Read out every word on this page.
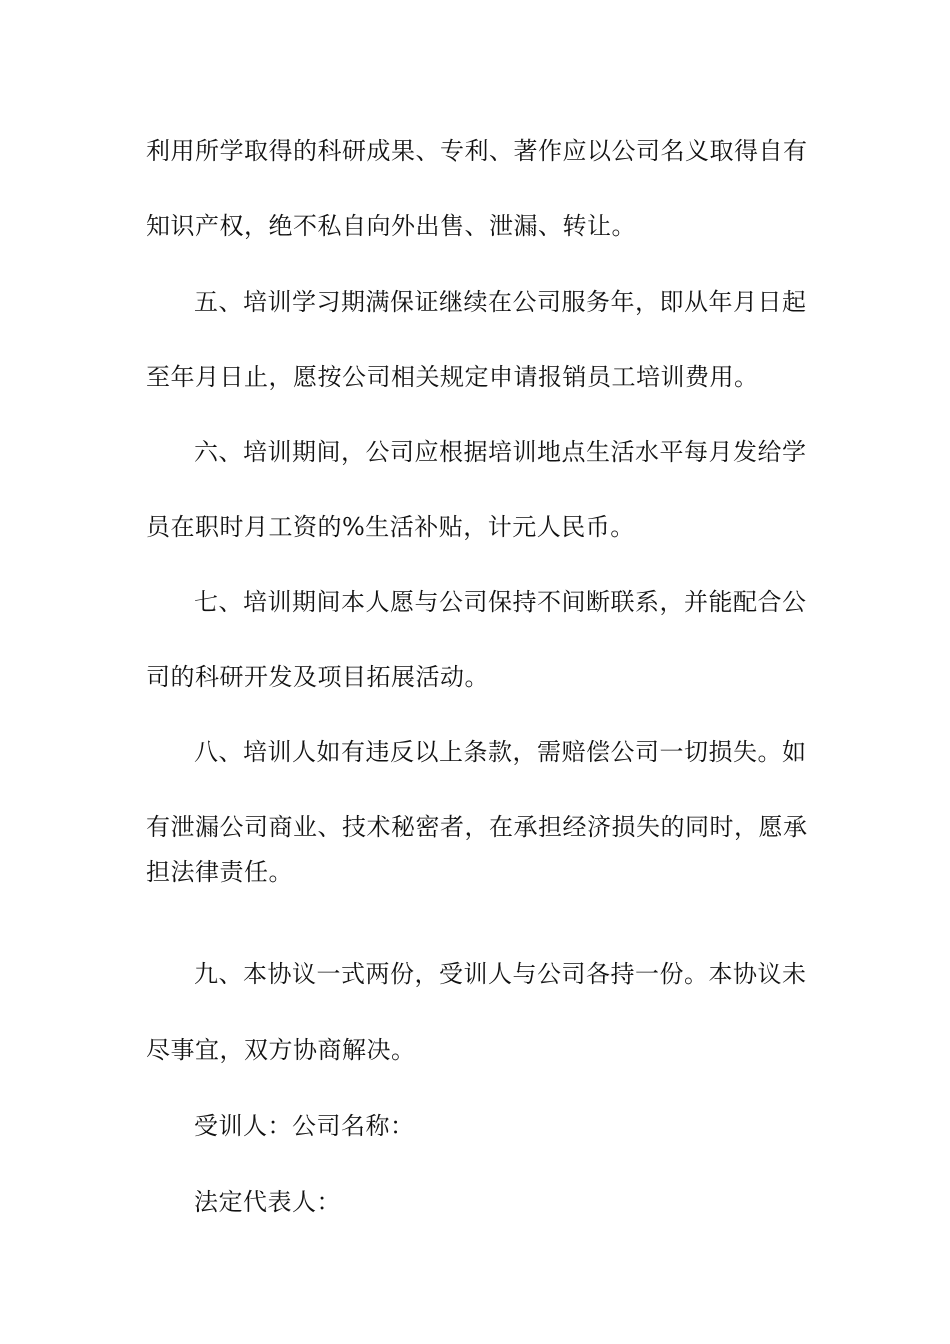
利用所学取得的科研成果、专利、著作应以公司名义取得自有
知识产权，绝不私自向外出售、泄漏、转让。
五、培训学习期满保证继续在公司服务年，即从年月日起
至年月日止，愿按公司相关规定申请报销员工培训费用。
六、培训期间，公司应根据培训地点生活水平每月发给学
员在职时月工资的%生活补贴，计元人民币。
七、培训期间本人愿与公司保持不间断联系，并能配合公
司的科研开发及项目拓展活动。
八、培训人如有违反以上条款，需赔偿公司一切损失。如
有泄漏公司商业、技术秘密者，在承担经济损失的同时，愿承
担法律责任。
九、本协议一式两份，受训人与公司各持一份。本协议未
尽事宜，双方协商解决。
受训人：公司名称：
法定代表人：
